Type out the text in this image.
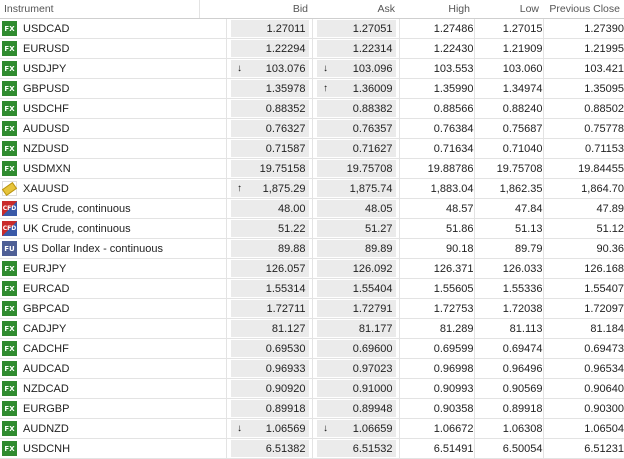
Instrument		Bid	Ask	High	Low	Previous Close

FX USDCAD		1.27011	1.27051	1.27486	1.27015	1.27390

FX EURUSD		1.22294	1.22314	1.22430	1.21909	1.21995

FX USDJPY		↓ 103.076	↓ 103.096	103.553	103.060	103.421

FX GBPUSD		1.35978	↑ 1.36009	1.35990	1.34974	1.35095

FX USDCHF		0.88352	0.88382	0.88566	0.88240	0.88502

FX AUDUSD		0.76327	0.76357	0.76384	0.75687	0.75778

FX NZDUSD		0.71587	0.71627	0.71634	0.71040	0.71153

FX USDMXN		19.75158	19.75708	19.88786	19.75708	19.84455

XAUUSD		↑ 1,875.29	1,875.74	1,883.04	1,862.35	1,864.70

CFD US Crude, continuous		48.00	48.05	48.57	47.84	47.89

CFD UK Crude, continuous		51.22	51.27	51.86	51.13	51.12

FU US Dollar Index - continuous		89.88	89.89	90.18	89.79	90.36

FX EURJPY		126.057	126.092	126.371	126.033	126.168

FX EURCAD		1.55314	1.55404	1.55605	1.55336	1.55407

FX GBPCAD		1.72711	1.72791	1.72753	1.72038	1.72097

FX CADJPY		81.127	81.177	81.289	81.113	81.184

FX CADCHF		0.69530	0.69600	0.69599	0.69474	0.69473

FX AUDCAD		0.96933	0.97023	0.96998	0.96496	0.96534

FX NZDCAD		0.90920	0.91000	0.90993	0.90569	0.90640

FX EURGBP		0.89918	0.89948	0.90358	0.89918	0.90300

FX AUDNZD		↓ 1.06569	↓ 1.06659	1.06672	1.06308	1.06504

FX USDCNH		6.51382	6.51532	6.51491	6.50054	6.51231
